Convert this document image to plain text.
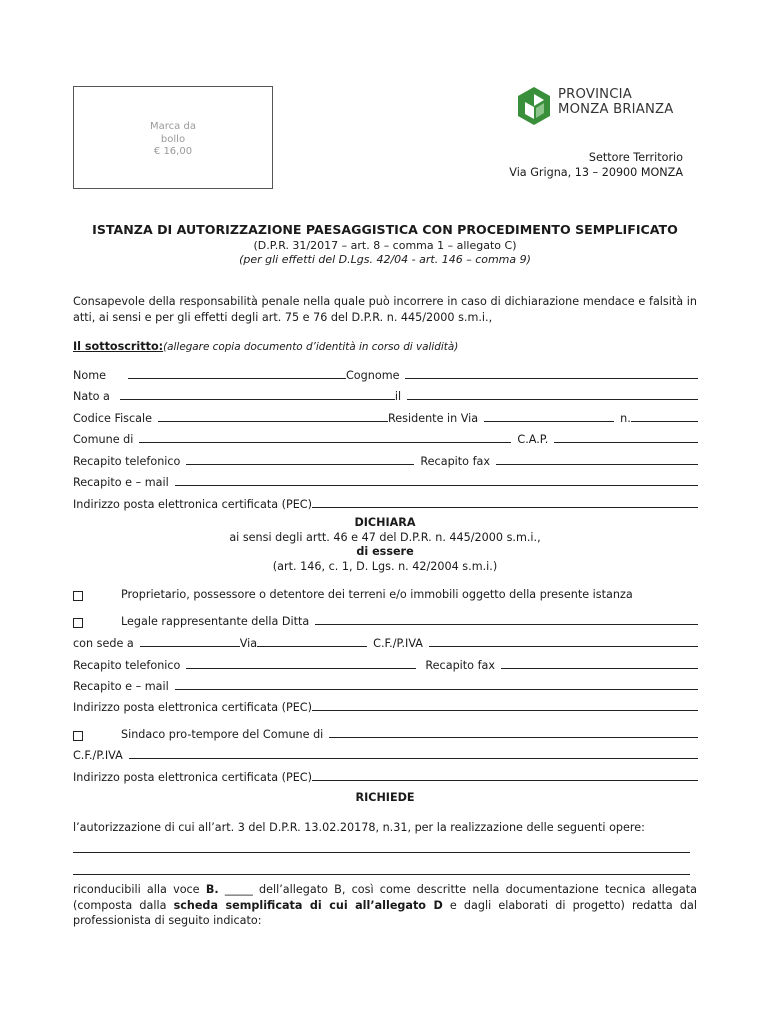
Marca da
bollo
€ 16,00
PROVINCIA
MONZA BRIANZA
Settore Territorio
Via Grigna, 13 – 20900 MONZA
ISTANZA DI AUTORIZZAZIONE PAESAGGISTICA CON PROCEDIMENTO SEMPLIFICATO
(D.P.R. 31/2017 – art. 8 – comma 1 – allegato C)
(per gli effetti del D.Lgs. 42/04 - art. 146 – comma 9)
Consapevole della responsabilità penale nella quale può incorrere in caso di dichiarazione mendace e falsità in atti, ai sensi e per gli effetti degli art. 75 e 76 del D.P.R. n. 445/2000 s.m.i.,
Il sottoscritto:(allegare copia documento d’identità in corso di validità)
Nome	Cognome
Nato a	il
Codice Fiscale	Residente in Via	n.
Comune di	C.A.P.
Recapito telefonico	Recapito fax
Recapito e – mail
Indirizzo posta elettronica certificata (PEC)
DICHIARA
ai sensi degli artt. 46 e 47 del D.P.R. n. 445/2000 s.m.i.,
di essere
(art. 146, c. 1, D. Lgs. n. 42/2004 s.m.i.)
Proprietario, possessore o detentore dei terreni e/o immobili oggetto della presente istanza
Legale rappresentante della Ditta
con sede a	Via	C.F./P.IVA
Recapito telefonico	Recapito fax
Recapito e – mail
Indirizzo posta elettronica certificata (PEC)
Sindaco pro-tempore del Comune di
C.F./P.IVA
Indirizzo posta elettronica certificata (PEC)
RICHIEDE
l’autorizzazione di cui all’art. 3 del D.P.R. 13.02.20178, n.31, per la realizzazione delle seguenti opere:
riconducibili alla voce B. _____ dell’allegato B, così come descritte nella documentazione tecnica allegata (composta dalla scheda semplificata di cui all’allegato D e dagli elaborati di progetto) redatta dal professionista di seguito indicato:
